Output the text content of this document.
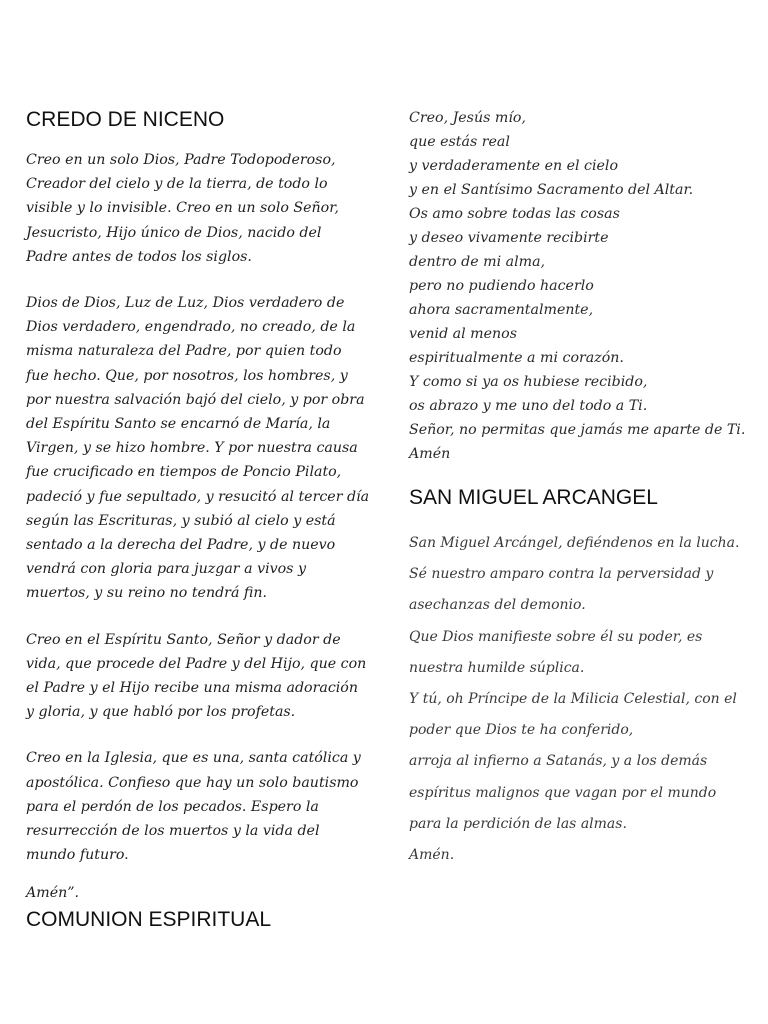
CREDO DE NICENO

Creo en un solo Dios, Padre Todopoderoso,
Creador del cielo y de la tierra, de todo lo
visible y lo invisible. Creo en un solo Señor,
Jesucristo, Hijo único de Dios, nacido del
Padre antes de todos los siglos.

Dios de Dios, Luz de Luz, Dios verdadero de
Dios verdadero, engendrado, no creado, de la
misma naturaleza del Padre, por quien todo
fue hecho. Que, por nosotros, los hombres, y
por nuestra salvación bajó del cielo, y por obra
del Espíritu Santo se encarnó de María, la
Virgen, y se hizo hombre. Y por nuestra causa
fue crucificado en tiempos de Poncio Pilato,
padeció y fue sepultado, y resucitó al tercer día
según las Escrituras, y subió al cielo y está
sentado a la derecha del Padre, y de nuevo
vendrá con gloria para juzgar a vivos y
muertos, y su reino no tendrá fin.

Creo en el Espíritu Santo, Señor y dador de
vida, que procede del Padre y del Hijo, que con
el Padre y el Hijo recibe una misma adoración
y gloria, y que habló por los profetas.

Creo en la Iglesia, que es una, santa católica y
apostólica. Confieso que hay un solo bautismo
para el perdón de los pecados. Espero la
resurrección de los muertos y la vida del
mundo futuro.

Amén”.

COMUNION ESPIRITUAL

Creo, Jesús mío,
que estás real
y verdaderamente en el cielo
y en el Santísimo Sacramento del Altar.
Os amo sobre todas las cosas
y deseo vivamente recibirte
dentro de mi alma,
pero no pudiendo hacerlo
ahora sacramentalmente,
venid al menos
espiritualmente a mi corazón.
Y como si ya os hubiese recibido,
os abrazo y me uno del todo a Ti.
Señor, no permitas que jamás me aparte de Ti.
Amén

SAN MIGUEL ARCANGEL

San Miguel Arcángel, defiéndenos en la lucha.
Sé nuestro amparo contra la perversidad y
asechanzas del demonio.
Que Dios manifieste sobre él su poder, es
nuestra humilde súplica.
Y tú, oh Príncipe de la Milicia Celestial, con el
poder que Dios te ha conferido,
arroja al infierno a Satanás, y a los demás
espíritus malignos que vagan por el mundo
para la perdición de las almas.
Amén.
